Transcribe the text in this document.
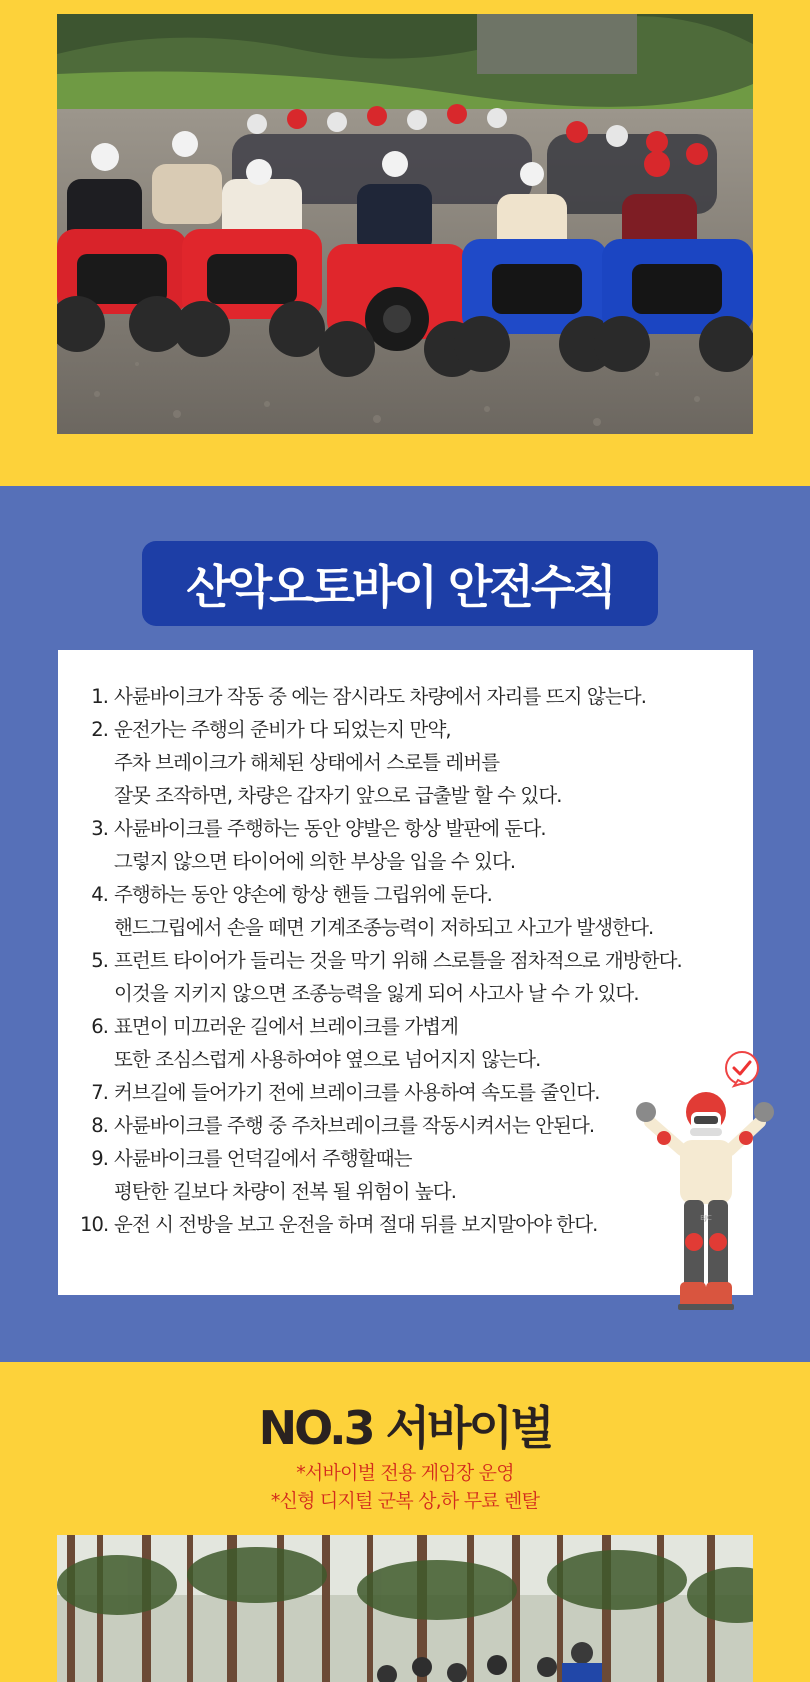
산악오토바이 안전수칙
1. 사륜바이크가 작동 중 에는 잠시라도 차량에서 자리를 뜨지 않는다.
2. 운전가는 주행의 준비가 다 되었는지 만약,
주차 브레이크가 해체된 상태에서 스로틀 레버를
잘못 조작하면, 차량은 갑자기 앞으로 급출발 할 수 있다.
3. 사륜바이크를 주행하는 동안 양발은 항상 발판에 둔다.
그렇지 않으면 타이어에 의한 부상을 입을 수 있다.
4. 주행하는 동안 양손에 항상 핸들 그립위에 둔다.
핸드그립에서 손을 떼면 기계조종능력이 저하되고 사고가 발생한다.
5. 프런트 타이어가 들리는 것을 막기 위해 스로틀을 점차적으로 개방한다.
이것을 지키지 않으면 조종능력을 잃게 되어 사고사 날 수 가 있다.
6. 표면이 미끄러운 길에서 브레이크를 가볍게
또한 조심스럽게 사용하여야 옆으로 넘어지지 않는다.
7. 커브길에 들어가기 전에 브레이크를 사용하여 속도를 줄인다.
8. 사륜바이크를 주행 중 주차브레이크를 작동시켜서는 안된다.
9. 사륜바이크를 언덕길에서 주행할때는
평탄한 길보다 차량이 전복 될 위험이 높다.
10. 운전 시 전방을 보고 운전을 하며 절대 뒤를 보지말아야 한다.	BJC
NO.3 서바이벌
*서바이벌 전용 게임장 운영
*신형 디지털 군복 상,하 무료 렌탈
